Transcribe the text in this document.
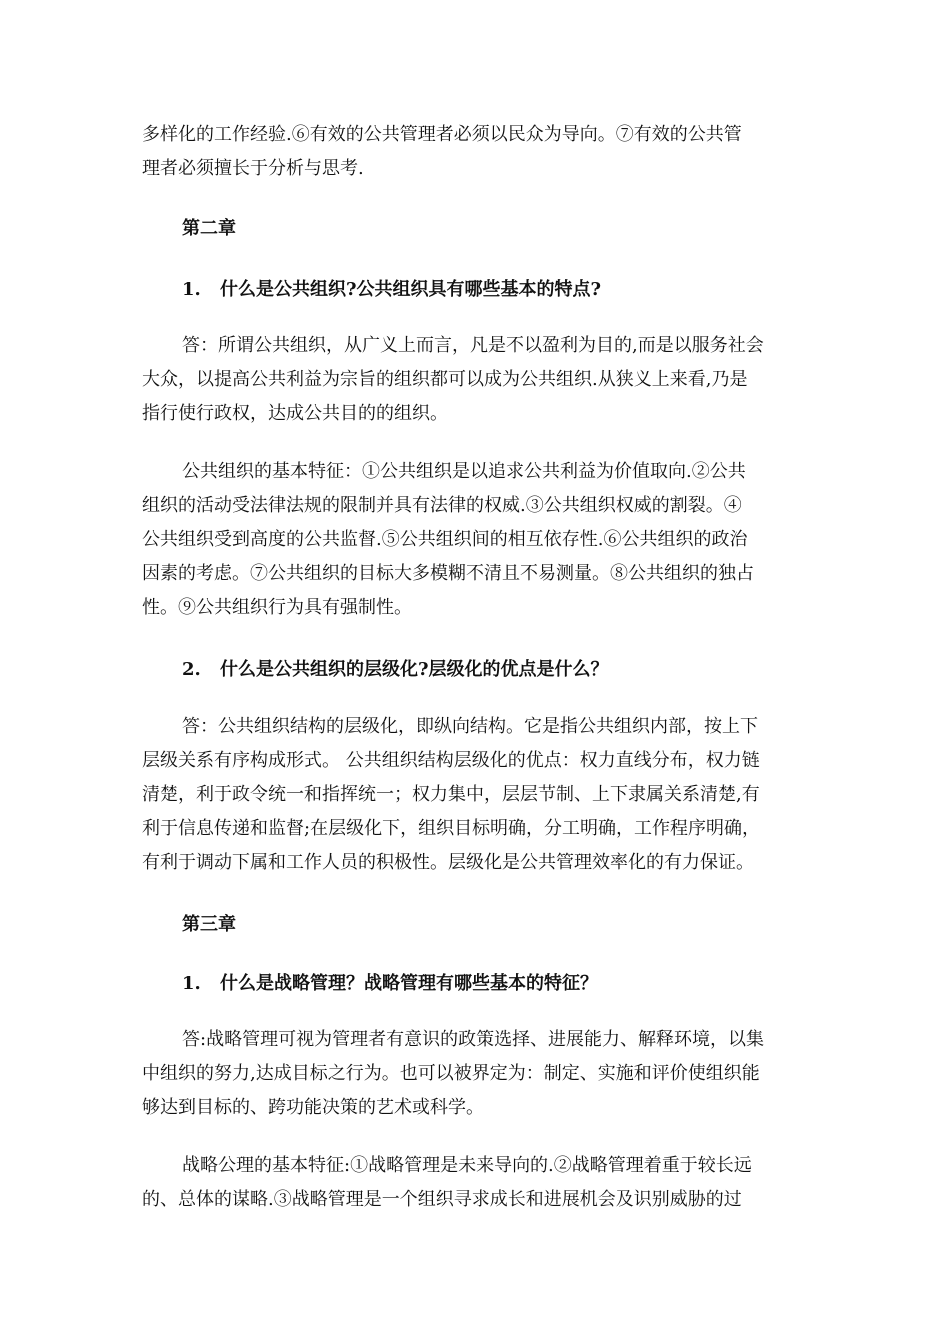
多样化的工作经验.⑥有效的公共管理者必须以民众为导向。⑦有效的公共管
理者必须擅长于分析与思考.
第二章
1. 什么是公共组织?公共组织具有哪些基本的特点?
答：所谓公共组织，从广义上而言，凡是不以盈利为目的,而是以服务社会
大众，以提高公共利益为宗旨的组织都可以成为公共组织.从狭义上来看,乃是
指行使行政权，达成公共目的的组织。
公共组织的基本特征：①公共组织是以追求公共利益为价值取向.②公共
组织的活动受法律法规的限制并具有法律的权威.③公共组织权威的割裂。④
公共组织受到高度的公共监督.⑤公共组织间的相互依存性.⑥公共组织的政治
因素的考虑。⑦公共组织的目标大多模糊不清且不易测量。⑧公共组织的独占
性。⑨公共组织行为具有强制性。
2. 什么是公共组织的层级化?层级化的优点是什么？
答：公共组织结构的层级化，即纵向结构。它是指公共组织内部，按上下
层级关系有序构成形式。 公共组织结构层级化的优点：权力直线分布，权力链
清楚，利于政令统一和指挥统一；权力集中，层层节制、上下隶属关系清楚,有
利于信息传递和监督;在层级化下，组织目标明确，分工明确，工作程序明确，
有利于调动下属和工作人员的积极性。层级化是公共管理效率化的有力保证。
第三章
1. 什么是战略管理？战略管理有哪些基本的特征？
答:战略管理可视为管理者有意识的政策选择、进展能力、解释环境，以集
中组织的努力,达成目标之行为。也可以被界定为：制定、实施和评价使组织能
够达到目标的、跨功能决策的艺术或科学。
战略公理的基本特征:①战略管理是未来导向的.②战略管理着重于较长远
的、总体的谋略.③战略管理是一个组织寻求成长和进展机会及识别威胁的过
